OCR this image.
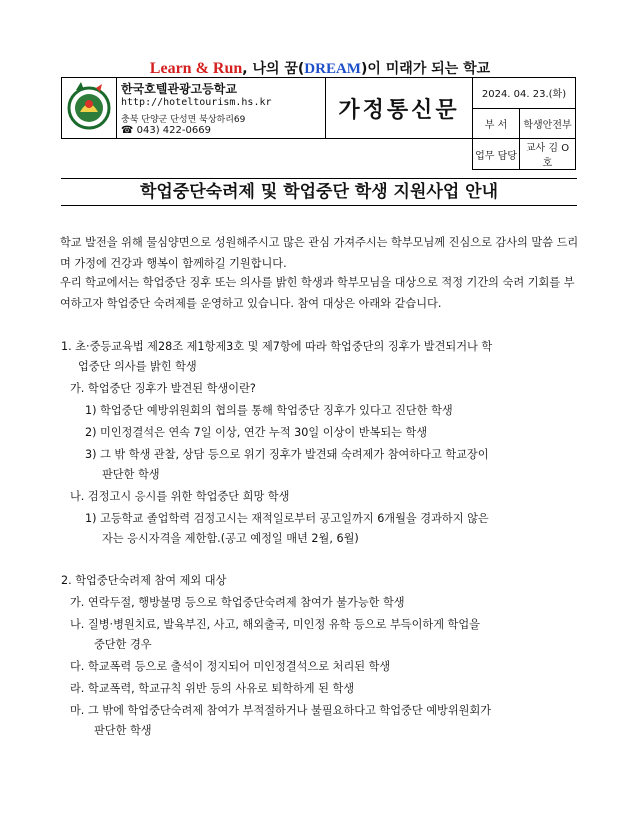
Learn & Run, 나의 꿈(DREAM)이 미래가 되는 학교

한국호텔관광고등학교
http://hoteltourism.hs.kr
충북 단양군 단성면 북상하리69
☎ 043) 422-0669	가정통신문	2024. 04. 23.(화)	
			부 서	학생안전부
			업무 담당	교사 김 O 호
학업중단숙려제 및 학업중단 학생 지원사업 안내
학교 발전을 위해 물심양면으로 성원해주시고 많은 관심 가져주시는 학부모님께 진심으로 감사의 말씀 드리며 가정에 건강과 행복이 함께하길 기원합니다.
우리 학교에서는 학업중단 징후 또는 의사를 밝힌 학생과 학부모님을 대상으로 적정 기간의 숙려 기회를 부여하고자 학업중단 숙려제를 운영하고 있습니다. 참여 대상은 아래와 같습니다.
1. 초·중등교육법 제28조 제1항제3호 및 제7항에 따라 학업중단의 징후가 발견되거나 학
업중단 의사를 밝힌 학생
가. 학업중단 징후가 발견된 학생이란?
1) 학업중단 예방위원회의 협의를 통해 학업중단 징후가 있다고 진단한 학생
2) 미인정결석은 연속 7일 이상, 연간 누적 30일 이상이 반복되는 학생
3) 그 밖 학생 관찰, 상담 등으로 위기 징후가 발견돼 숙려제가 참여하다고 학교장이
판단한 학생
나. 검정고시 응시를 위한 학업중단 희망 학생
1) 고등학교 졸업학력 검정고시는 재적일로부터 공고일까지 6개월을 경과하지 않은
자는 응시자격을 제한함.(공고 예정일 매년 2월, 6월)
2. 학업중단숙려제 참여 제외 대상
가. 연락두절, 행방불명 등으로 학업중단숙려제 참여가 불가능한 학생
나. 질병·병원치료, 발육부진, 사고, 해외출국, 미인정 유학 등으로 부득이하게 학업을
중단한 경우
다. 학교폭력 등으로 출석이 정지되어 미인정결석으로 처리된 학생
라. 학교폭력, 학교규칙 위반 등의 사유로 퇴학하게 된 학생
마. 그 밖에 학업중단숙려제 참여가 부적절하거나 불필요하다고 학업중단 예방위원회가
판단한 학생
